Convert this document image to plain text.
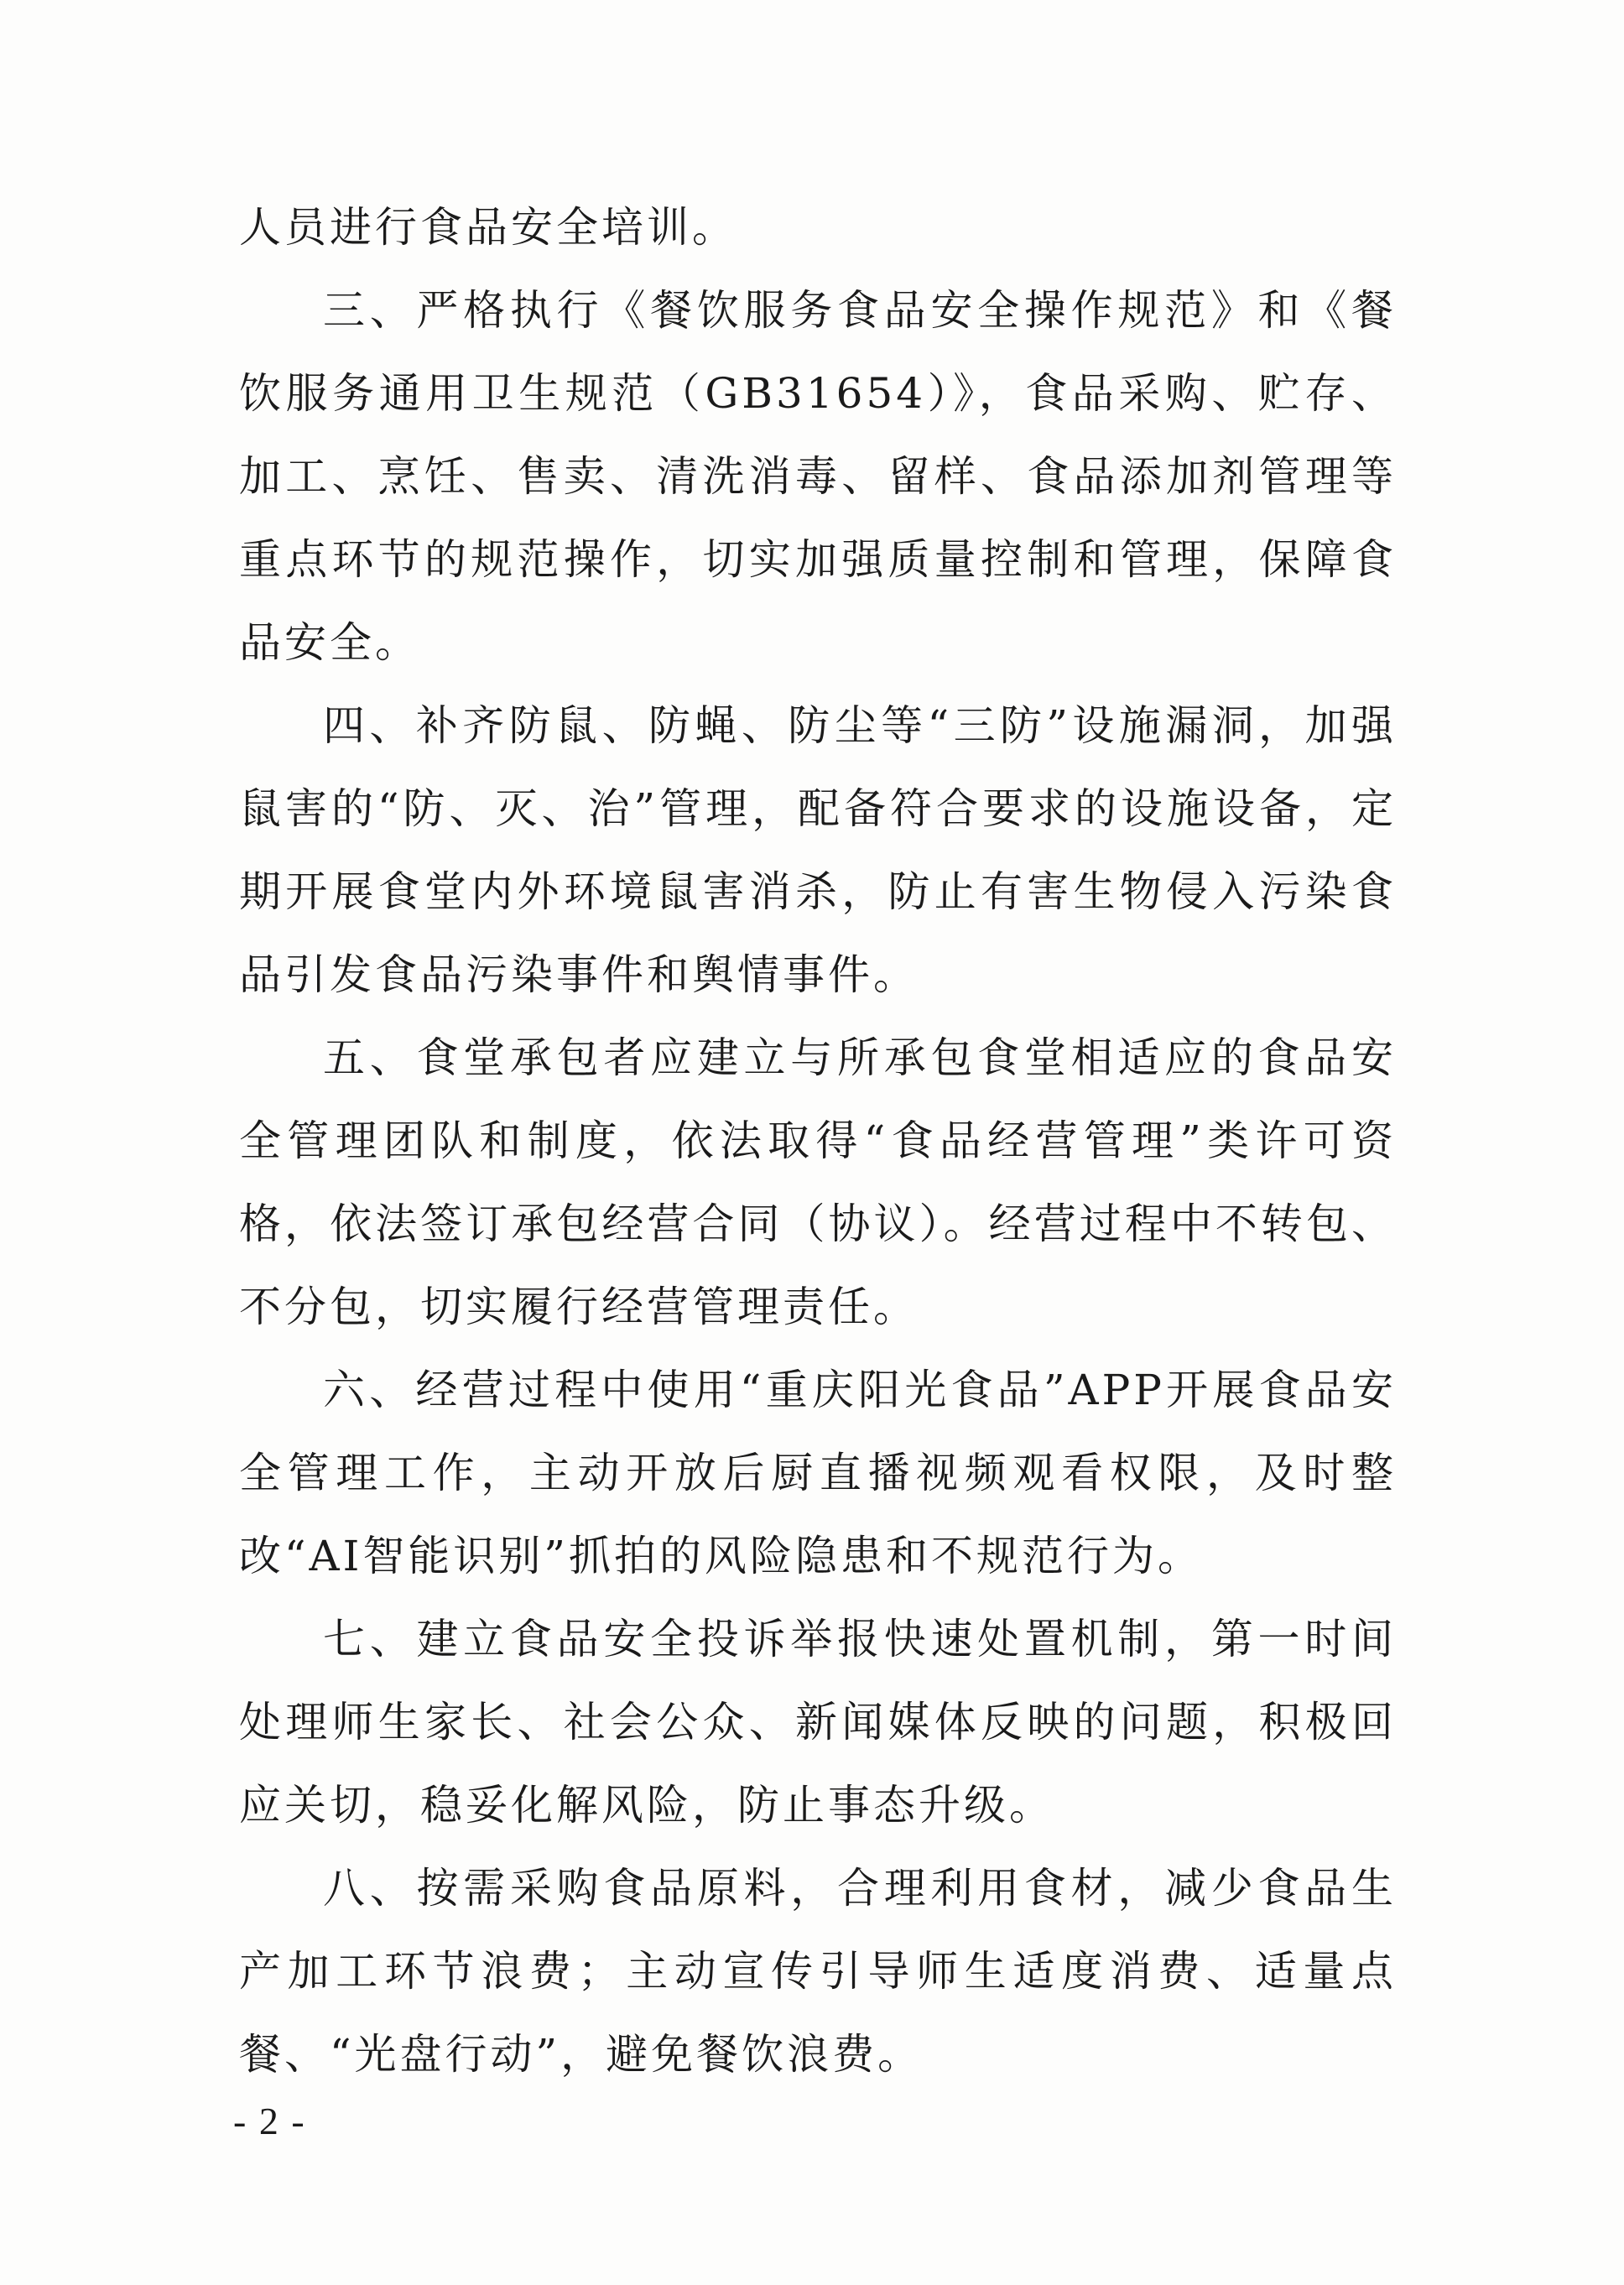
人员进行食品安全培训。

三、严格执行《餐饮服务食品安全操作规范》和《餐饮服务通用卫生规范（GB31654）》，食品采购、贮存、加工、烹饪、售卖、清洗消毒、留样、食品添加剂管理等重点环节的规范操作，切实加强质量控制和管理，保障食品安全。

四、补齐防鼠、防蝇、防尘等“三防”设施漏洞，加强鼠害的“防、灭、治”管理，配备符合要求的设施设备，定期开展食堂内外环境鼠害消杀，防止有害生物侵入污染食品引发食品污染事件和舆情事件。

五、食堂承包者应建立与所承包食堂相适应的食品安全管理团队和制度，依法取得“食品经营管理”类许可资格，依法签订承包经营合同（协议）。经营过程中不转包、不分包，切实履行经营管理责任。

六、经营过程中使用“重庆阳光食品”APP开展食品安全管理工作，主动开放后厨直播视频观看权限，及时整改“AI智能识别”抓拍的风险隐患和不规范行为。

七、建立食品安全投诉举报快速处置机制，第一时间处理师生家长、社会公众、新闻媒体反映的问题，积极回应关切，稳妥化解风险，防止事态升级。

八、按需采购食品原料，合理利用食材，减少食品生产加工环节浪费；主动宣传引导师生适度消费、适量点餐、“光盘行动”，避免餐饮浪费。

- 2 -
